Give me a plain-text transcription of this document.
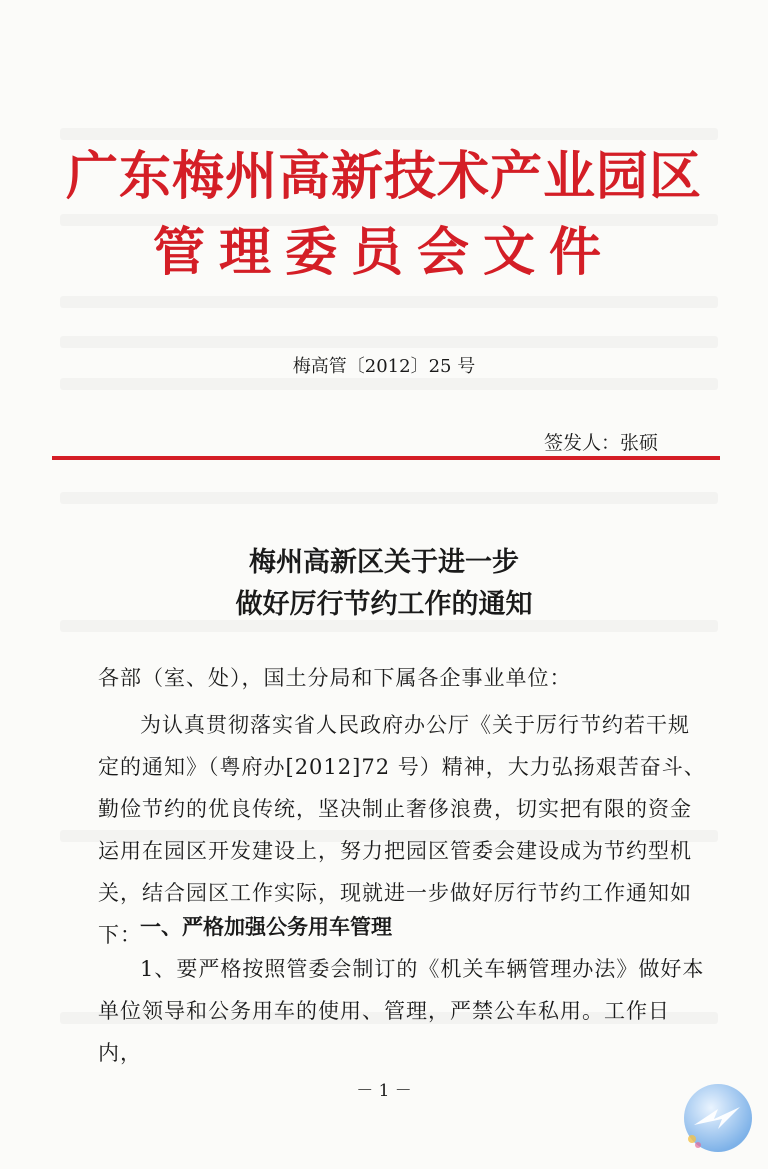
广东梅州高新技术产业园区
管理委员会文件
梅高管〔2012〕25 号
签发人：张硕
梅州高新区关于进一步
做好厉行节约工作的通知
各部（室、处），国土分局和下属各企事业单位：
为认真贯彻落实省人民政府办公厅《关于厉行节约若干规定的通知》（粤府办[2012]72 号）精神，大力弘扬艰苦奋斗、勤俭节约的优良传统，坚决制止奢侈浪费，切实把有限的资金运用在园区开发建设上，努力把园区管委会建设成为节约型机关，结合园区工作实际，现就进一步做好厉行节约工作通知如下：
一、严格加强公务用车管理
1、要严格按照管委会制订的《机关车辆管理办法》做好本单位领导和公务用车的使用、管理，严禁公车私用。工作日内，
－ 1 －
